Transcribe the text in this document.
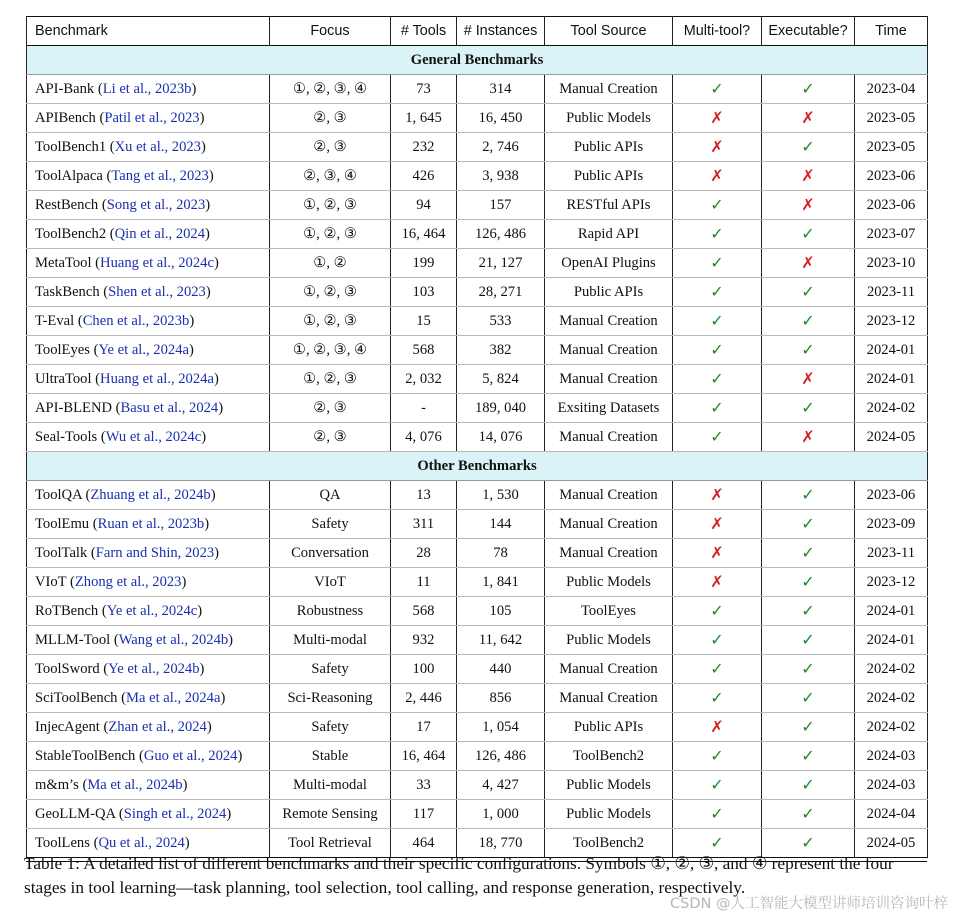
Benchmark	Focus	# Tools	# Instances	Tool Source	Multi-tool?	Executable?	Time
General Benchmarks							
API-Bank (Li et al., 2023b)	①, ②, ③, ④	73	314	Manual Creation	✓	✓	2023-04
APIBench (Patil et al., 2023)	②, ③	1, 645	16, 450	Public Models	✗	✗	2023-05
ToolBench1 (Xu et al., 2023)	②, ③	232	2, 746	Public APIs	✗	✓	2023-05
ToolAlpaca (Tang et al., 2023)	②, ③, ④	426	3, 938	Public APIs	✗	✗	2023-06
RestBench (Song et al., 2023)	①, ②, ③	94	157	RESTful APIs	✓	✗	2023-06
ToolBench2 (Qin et al., 2024)	①, ②, ③	16, 464	126, 486	Rapid API	✓	✓	2023-07
MetaTool (Huang et al., 2024c)	①, ②	199	21, 127	OpenAI Plugins	✓	✗	2023-10
TaskBench (Shen et al., 2023)	①, ②, ③	103	28, 271	Public APIs	✓	✓	2023-11
T-Eval (Chen et al., 2023b)	①, ②, ③	15	533	Manual Creation	✓	✓	2023-12
ToolEyes (Ye et al., 2024a)	①, ②, ③, ④	568	382	Manual Creation	✓	✓	2024-01
UltraTool (Huang et al., 2024a)	①, ②, ③	2, 032	5, 824	Manual Creation	✓	✗	2024-01
API-BLEND (Basu et al., 2024)	②, ③	-	189, 040	Exsiting Datasets	✓	✓	2024-02
Seal-Tools (Wu et al., 2024c)	②, ③	4, 076	14, 076	Manual Creation	✓	✗	2024-05
Other Benchmarks							
ToolQA (Zhuang et al., 2024b)	QA	13	1, 530	Manual Creation	✗	✓	2023-06
ToolEmu (Ruan et al., 2023b)	Safety	311	144	Manual Creation	✗	✓	2023-09
ToolTalk (Farn and Shin, 2023)	Conversation	28	78	Manual Creation	✗	✓	2023-11
VIoT (Zhong et al., 2023)	VIoT	11	1, 841	Public Models	✗	✓	2023-12
RoTBench (Ye et al., 2024c)	Robustness	568	105	ToolEyes	✓	✓	2024-01
MLLM-Tool (Wang et al., 2024b)	Multi-modal	932	11, 642	Public Models	✓	✓	2024-01
ToolSword (Ye et al., 2024b)	Safety	100	440	Manual Creation	✓	✓	2024-02
SciToolBench (Ma et al., 2024a)	Sci-Reasoning	2, 446	856	Manual Creation	✓	✓	2024-02
InjecAgent (Zhan et al., 2024)	Safety	17	1, 054	Public APIs	✗	✓	2024-02
StableToolBench (Guo et al., 2024)	Stable	16, 464	126, 486	ToolBench2	✓	✓	2024-03
m&m’s (Ma et al., 2024b)	Multi-modal	33	4, 427	Public Models	✓	✓	2024-03
GeoLLM-QA (Singh et al., 2024)	Remote Sensing	117	1, 000	Public Models	✓	✓	2024-04
ToolLens (Qu et al., 2024)	Tool Retrieval	464	18, 770	ToolBench2	✓	✓	2024-05
Table 1: A detailed list of different benchmarks and their specific configurations. Symbols ①, ②, ③, and ④ represent the four stages in tool learning—task planning, tool selection, tool calling, and response generation, respectively.
CSDN @人工智能大模型讲师培训咨询叶梓
